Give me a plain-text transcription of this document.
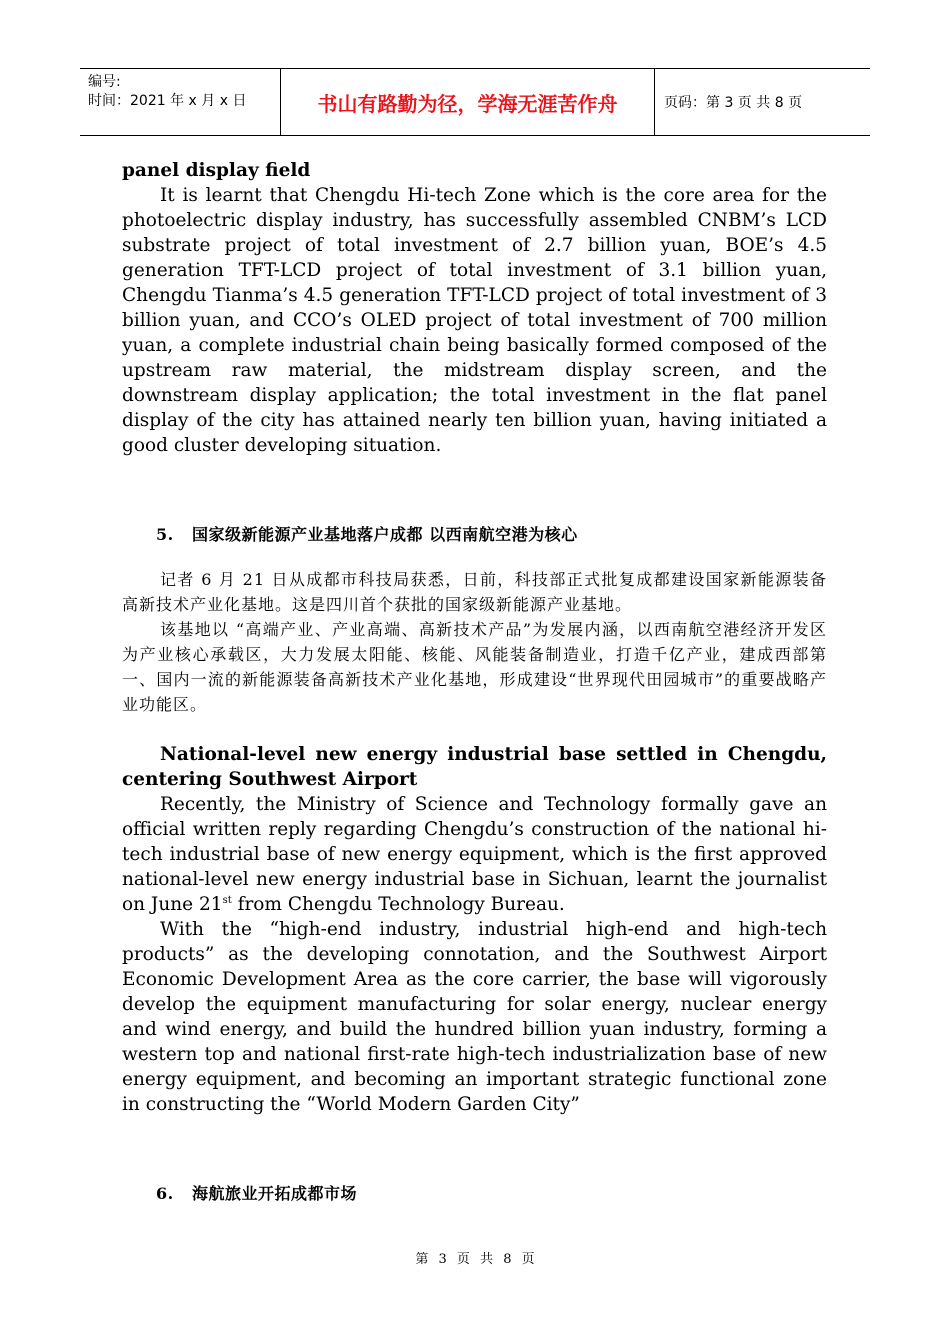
编号:
时间：2021 年 x 月 x 日	书山有路勤为径，学海无涯苦作舟	页码：第 3 页 共 8 页

panel display field

It is learnt that Chengdu Hi-tech Zone which is the core area for the photoelectric display industry, has successfully assembled CNBM’s LCD substrate project of total investment of 2.7 billion yuan, BOE’s 4.5 generation TFT-LCD project of total investment of 3.1 billion yuan, Chengdu Tianma’s 4.5 generation TFT-LCD project of total investment of 3 billion yuan, and CCO’s OLED project of total investment of 700 million yuan, a complete industrial chain being basically formed composed of the upstream raw material, the midstream display screen, and the downstream display application; the total investment in the flat panel display of the city has attained nearly ten billion yuan, having initiated a good cluster developing situation.

5. 国家级新能源产业基地落户成都 以西南航空港为核心

记者 6 月 21 日从成都市科技局获悉，日前，科技部正式批复成都建设国家新能源装备高新技术产业化基地。这是四川首个获批的国家级新能源产业基地。

该基地以 “高端产业、产业高端、高新技术产品”为发展内涵，以西南航空港经济开发区为产业核心承载区，大力发展太阳能、核能、风能装备制造业，打造千亿产业，建成西部第一、国内一流的新能源装备高新技术产业化基地，形成建设“世界现代田园城市”的重要战略产业功能区。

National-level new energy industrial base settled in Chengdu, centering Southwest Airport

Recently, the Ministry of Science and Technology formally gave an official written reply regarding Chengdu’s construction of the national hi-tech industrial base of new energy equipment, which is the first approved national-level new energy industrial base in Sichuan, learnt the journalist on June 21st from Chengdu Technology Bureau.

With the “high-end industry, industrial high-end and high-tech products” as the developing connotation, and the Southwest Airport Economic Development Area as the core carrier, the base will vigorously develop the equipment manufacturing for solar energy, nuclear energy and wind energy, and build the hundred billion yuan industry, forming a western top and national first-rate high-tech industrialization base of new energy equipment, and becoming an important strategic functional zone in constructing the “World Modern Garden City”

6. 海航旅业开拓成都市场

第 3 页 共 8 页
